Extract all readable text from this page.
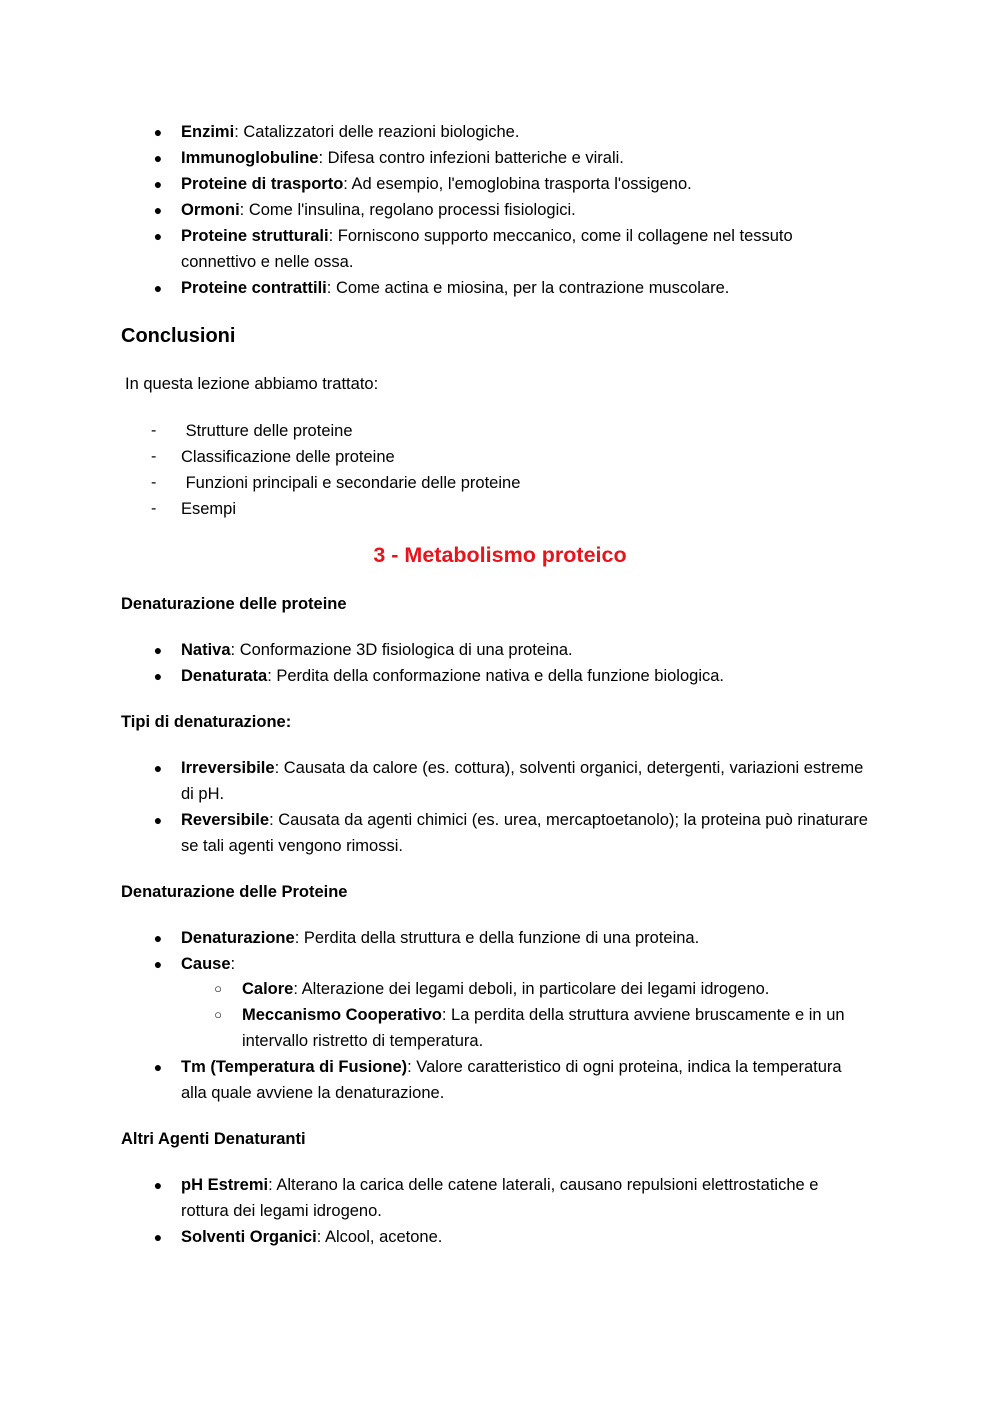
●	Enzimi: Catalizzatori delle reazioni biologiche.
●	Immunoglobuline: Difesa contro infezioni batteriche e virali.
●	Proteine di trasporto: Ad esempio, l'emoglobina trasporta l'ossigeno.
●	Ormoni: Come l'insulina, regolano processi fisiologici.
●	Proteine strutturali: Forniscono supporto meccanico, come il collagene nel tessuto
connettivo e nelle ossa.
●	Proteine contrattili: Come actina e miosina, per la contrazione muscolare.
Conclusioni
In questa lezione abbiamo trattato:
- Strutture delle proteine
- Classificazione delle proteine
- Funzioni principali e secondarie delle proteine
- Esempi
3 - Metabolismo proteico
Denaturazione delle proteine
●	Nativa: Conformazione 3D fisiologica di una proteina.
●	Denaturata: Perdita della conformazione nativa e della funzione biologica.
Tipi di denaturazione:
●	Irreversibile: Causata da calore (es. cottura), solventi organici, detergenti, variazioni estreme
di pH.
●	Reversibile: Causata da agenti chimici (es. urea, mercaptoetanolo); la proteina può rinaturare
se tali agenti vengono rimossi.
Denaturazione delle Proteine
●	Denaturazione: Perdita della struttura e della funzione di una proteina.
●	Cause:
○	Calore: Alterazione dei legami deboli, in particolare dei legami idrogeno.
○	Meccanismo Cooperativo: La perdita della struttura avviene bruscamente e in un
intervallo ristretto di temperatura.
●	Tm (Temperatura di Fusione): Valore caratteristico di ogni proteina, indica la temperatura
alla quale avviene la denaturazione.
Altri Agenti Denaturanti
●	pH Estremi: Alterano la carica delle catene laterali, causano repulsioni elettrostatiche e
rottura dei legami idrogeno.
●	Solventi Organici: Alcool, acetone.
